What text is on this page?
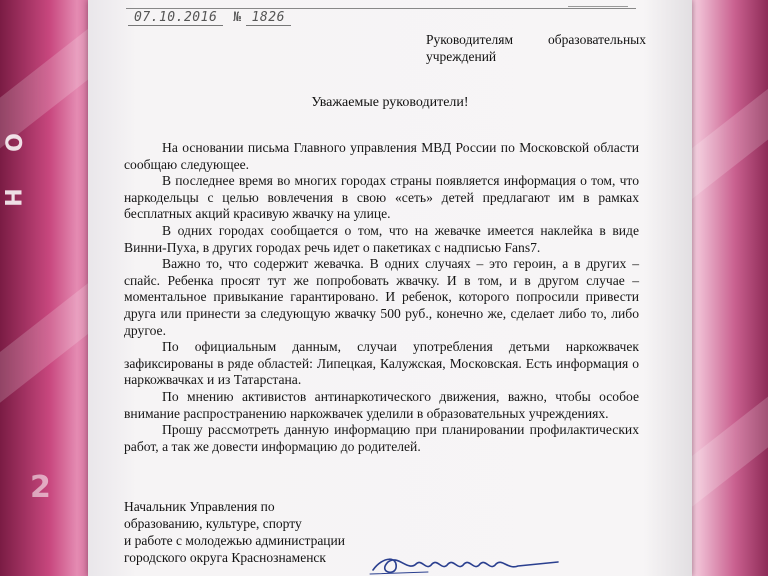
О
Н
2
07.10.2016 № 1826
Руководителям образовательных
учреждений
Уважаемые руководители!

На основании письма Главного управления МВД России по Московской области сообщаю следующее.

В последнее время во многих городах страны появляется информация о том, что наркодельцы с целью вовлечения в свою «сеть» детей предлагают им в рамках бесплатных акций красивую жвачку на улице.

В одних городах сообщается о том, что на жевачке имеется наклейка в виде Винни-Пуха, в других городах речь идет о пакетиках с надписью Fans7.

Важно то, что содержит жевачка. В одних случаях – это героин, а в других – спайс. Ребенка просят тут же попробовать жвачку. И в том, и в другом случае – моментальное привыкание гарантировано. И ребенок, которого попросили привести друга или принести за следующую жвачку 500 руб., конечно же, сделает либо то, либо другое.

По официальным данным, случаи употребления детьми наркожвачек зафиксированы в ряде областей: Липецкая, Калужская, Московская. Есть информация о наркожвачках и из Татарстана.

По мнению активистов антинаркотического движения, важно, чтобы особое внимание распространению наркожвачек уделили в образовательных учреждениях.

Прошу рассмотреть данную информацию при планировании профилактических работ, а так же довести информацию до родителей.

Начальник Управления по
образованию, культуре, спорту
и работе с молодежью администрации
городского округа Краснознаменск
